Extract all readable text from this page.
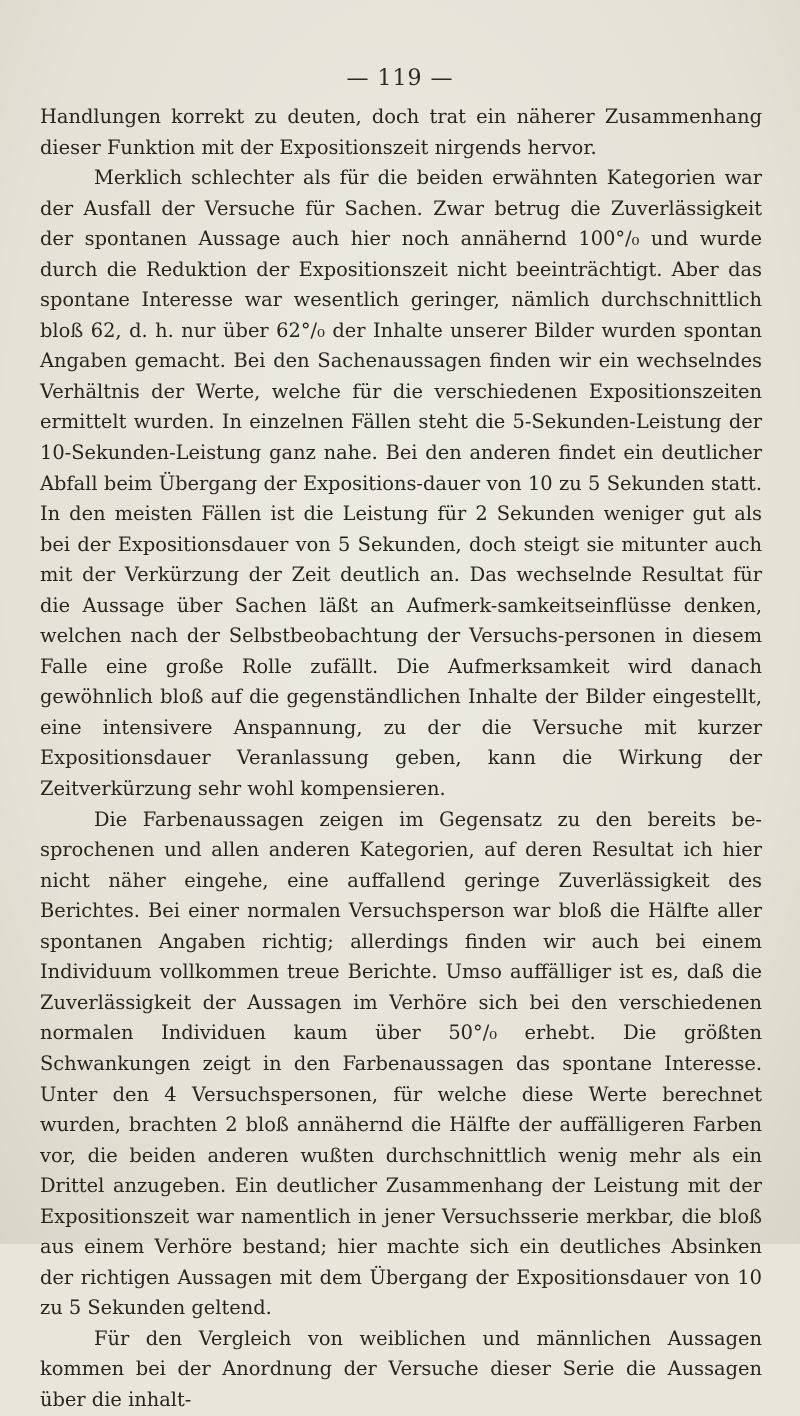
— 119 —

Handlungen korrekt zu deuten, doch trat ein näherer Zusammenhang dieser Funktion mit der Expositionszeit nirgends hervor.

Merklich schlechter als für die beiden erwähnten Kategorien war der Ausfall der Versuche für Sachen. Zwar betrug die Zuverlässigkeit der spontanen Aussage auch hier noch annähernd 100°/₀ und wurde durch die Reduktion der Expositionszeit nicht beeinträchtigt. Aber das spontane Interesse war wesentlich geringer, nämlich durchschnittlich bloß 62, d. h. nur über 62°/₀ der Inhalte unserer Bilder wurden spontan Angaben gemacht. Bei den Sachenaussagen finden wir ein wechselndes Verhältnis der Werte, welche für die verschiedenen Expositionszeiten ermittelt wurden. In einzelnen Fällen steht die 5-Sekunden-Leistung der 10-Sekunden-Leistung ganz nahe. Bei den anderen findet ein deutlicher Abfall beim Übergang der Expositions-dauer von 10 zu 5 Sekunden statt. In den meisten Fällen ist die Leistung für 2 Sekunden weniger gut als bei der Expositionsdauer von 5 Sekunden, doch steigt sie mitunter auch mit der Verkürzung der Zeit deutlich an. Das wechselnde Resultat für die Aussage über Sachen läßt an Aufmerk-samkeitseinflüsse denken, welchen nach der Selbstbeobachtung der Versuchs-personen in diesem Falle eine große Rolle zufällt. Die Aufmerksamkeit wird danach gewöhnlich bloß auf die gegenständlichen Inhalte der Bilder eingestellt, eine intensivere Anspannung, zu der die Versuche mit kurzer Expositionsdauer Veranlassung geben, kann die Wirkung der Zeitverkürzung sehr wohl kompensieren.

Die Farbenaussagen zeigen im Gegensatz zu den bereits be-sprochenen und allen anderen Kategorien, auf deren Resultat ich hier nicht näher eingehe, eine auffallend geringe Zuverlässigkeit des Berichtes. Bei einer normalen Versuchsperson war bloß die Hälfte aller spontanen Angaben richtig; allerdings finden wir auch bei einem Individuum vollkommen treue Berichte. Umso auffälliger ist es, daß die Zuverlässigkeit der Aussagen im Verhöre sich bei den verschiedenen normalen Individuen kaum über 50°/₀ erhebt. Die größten Schwankungen zeigt in den Farbenaussagen das spontane Interesse. Unter den 4 Versuchspersonen, für welche diese Werte berechnet wurden, brachten 2 bloß annähernd die Hälfte der auffälligeren Farben vor, die beiden anderen wußten durchschnittlich wenig mehr als ein Drittel anzugeben. Ein deutlicher Zusammenhang der Leistung mit der Expositionszeit war namentlich in jener Versuchsserie merkbar, die bloß aus einem Verhöre bestand; hier machte sich ein deutliches Absinken der richtigen Aussagen mit dem Übergang der Expositionsdauer von 10 zu 5 Sekunden geltend.

Für den Vergleich von weiblichen und männlichen Aussagen kommen bei der Anordnung der Versuche dieser Serie die Aussagen über die inhalt-
